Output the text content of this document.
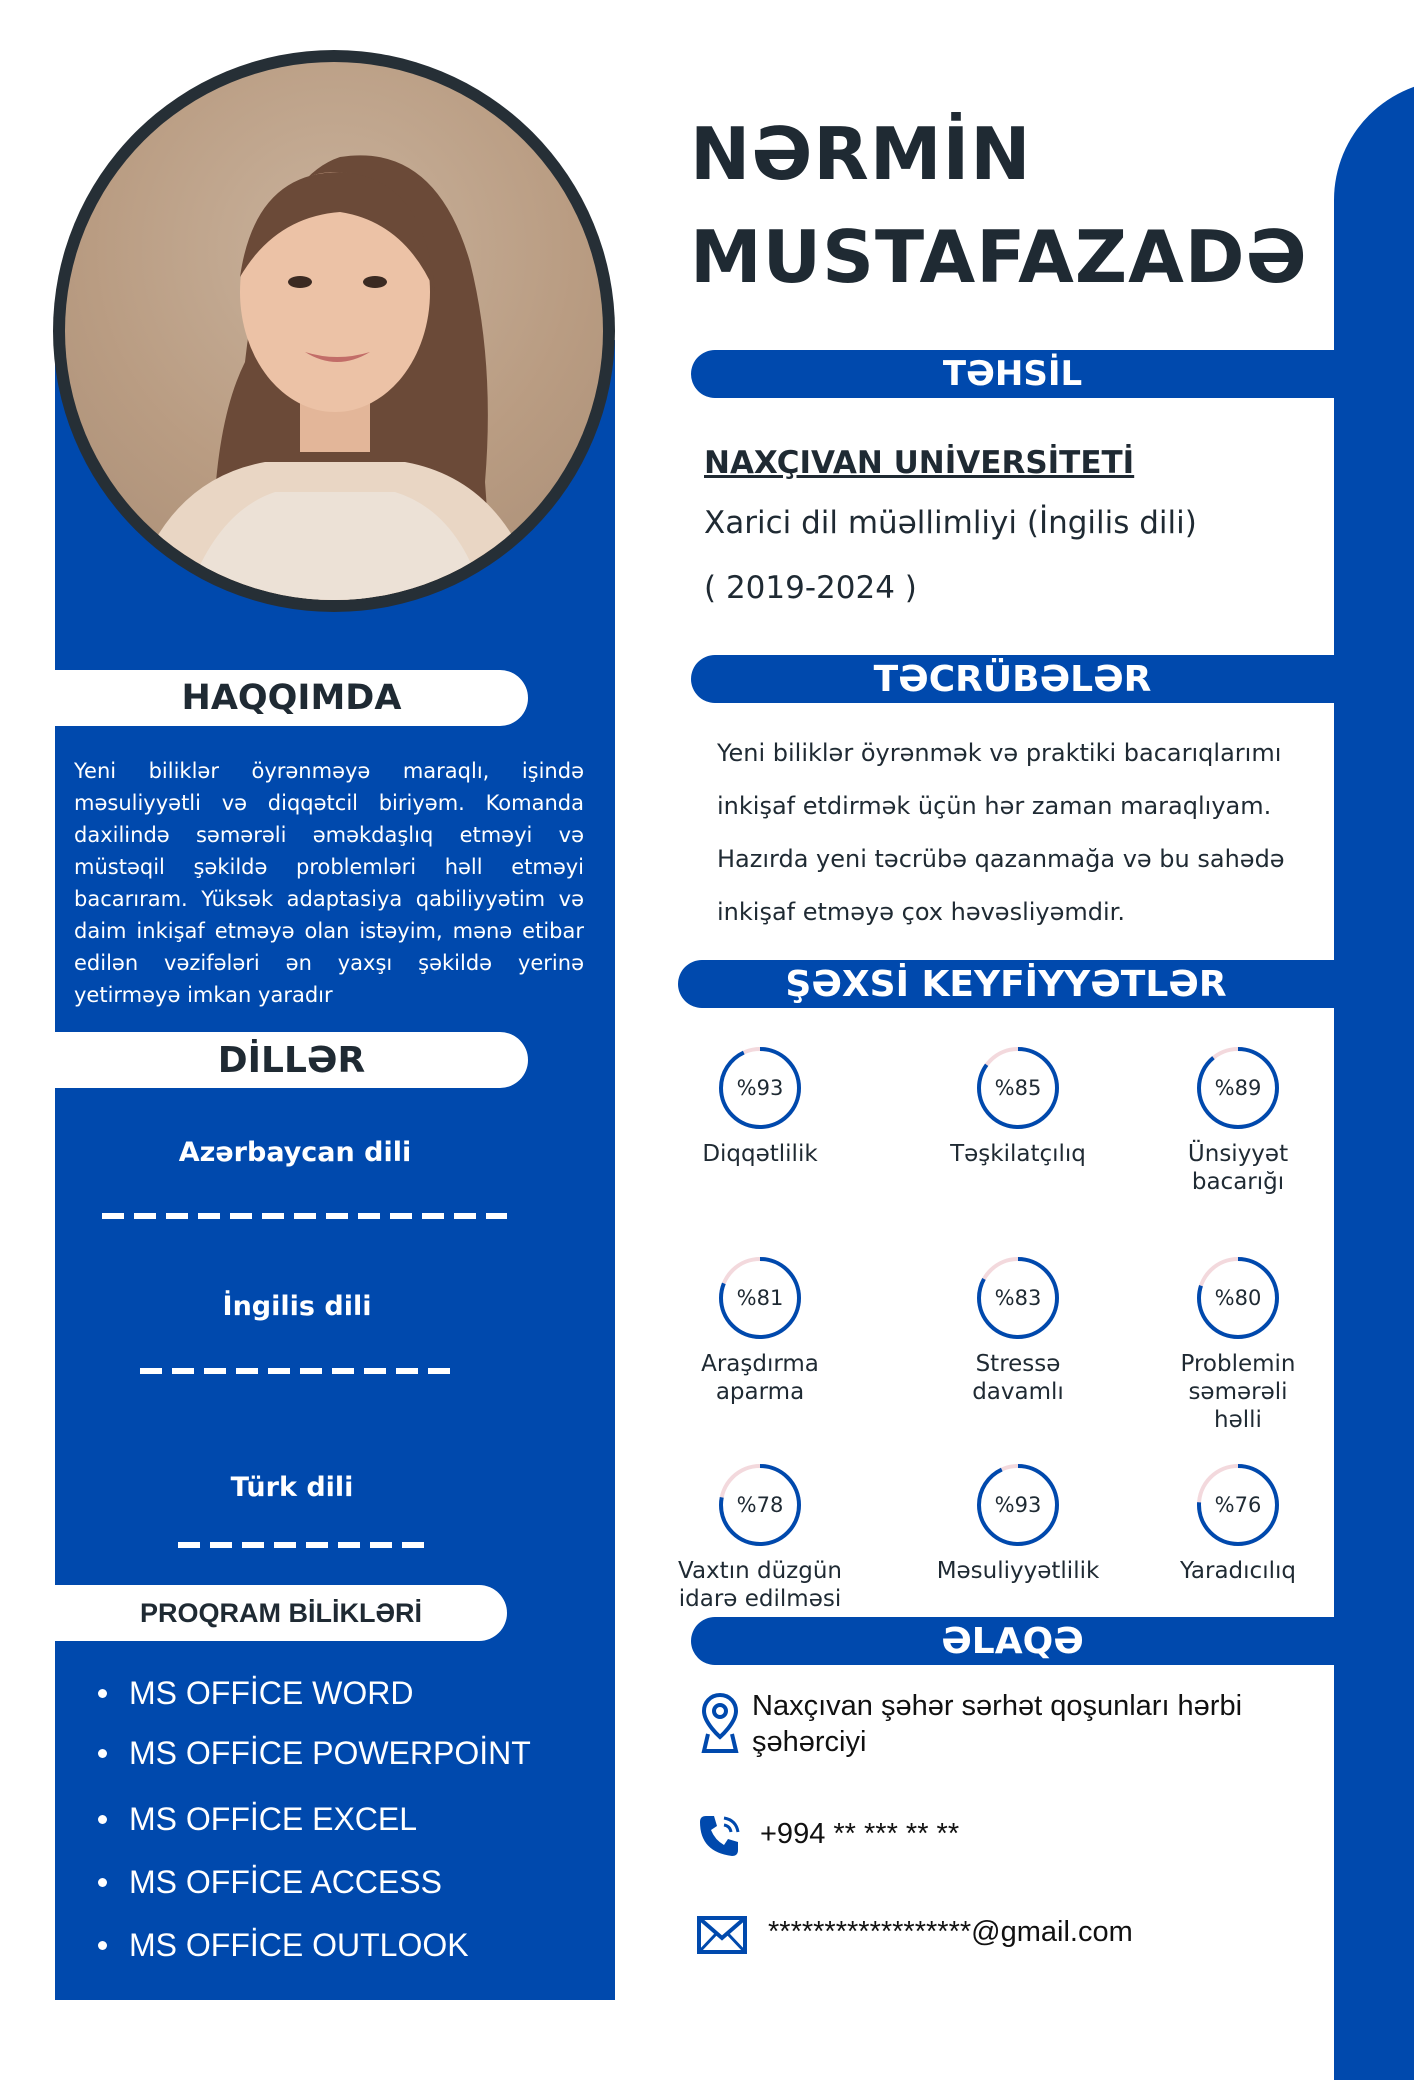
NƏRMİN
MUSTAFAZADƏ
HAQQIMDA
Yeni biliklər öyrənməyə maraqlı, işində məsuliyyətli və diqqətcil biriyəm. Komanda daxilində səmərəli əməkdaşlıq etməyi və müstəqil şəkildə problemləri həll etməyi bacarıram. Yüksək adaptasiya qabiliyyətim və daim inkişaf etməyə olan istəyim, mənə etibar edilən vəzifələri ən yaxşı şəkildə yerinə yetirməyə imkan yaradır
DİLLƏR
Azərbaycan dili
İngilis dili
Türk dili
PROQRAM BİLİKLƏRİ
MS OFFİCE WORD
MS OFFİCE POWERPOİNT
MS OFFİCE EXCEL
MS OFFİCE ACCESS
MS OFFİCE OUTLOOK
TƏHSİL
NAXÇIVAN UNİVERSİTETİ
Xarici dil müəllimliyi (İngilis dili)
( 2019-2024 )
TƏCRÜBƏLƏR
Yeni biliklər öyrənmək və praktiki bacarıqlarımı
inkişaf etdirmək üçün hər zaman maraqlıyam.
Hazırda yeni təcrübə qazanmağa və bu sahədə
inkişaf etməyə çox həvəsliyəmdir.
ŞƏXSİ KEYFİYYƏTLƏR
%93
Diqqətlilik
%85
Təşkilatçılıq
%89
Ünsiyyət
bacarığı
%81
Araşdırma
aparma
%83
Stressə
davamlı
%80
Problemin
səmərəli
həlli
%78
Vaxtın düzgün
idarə edilməsi
%93
Məsuliyyətlilik
%76
Yaradıcılıq
ƏLAQƏ
Naxçıvan şəhər sərhət qoşunları hərbi
şəhərciyi
+994 ** *** ** **
******************@gmail.com
